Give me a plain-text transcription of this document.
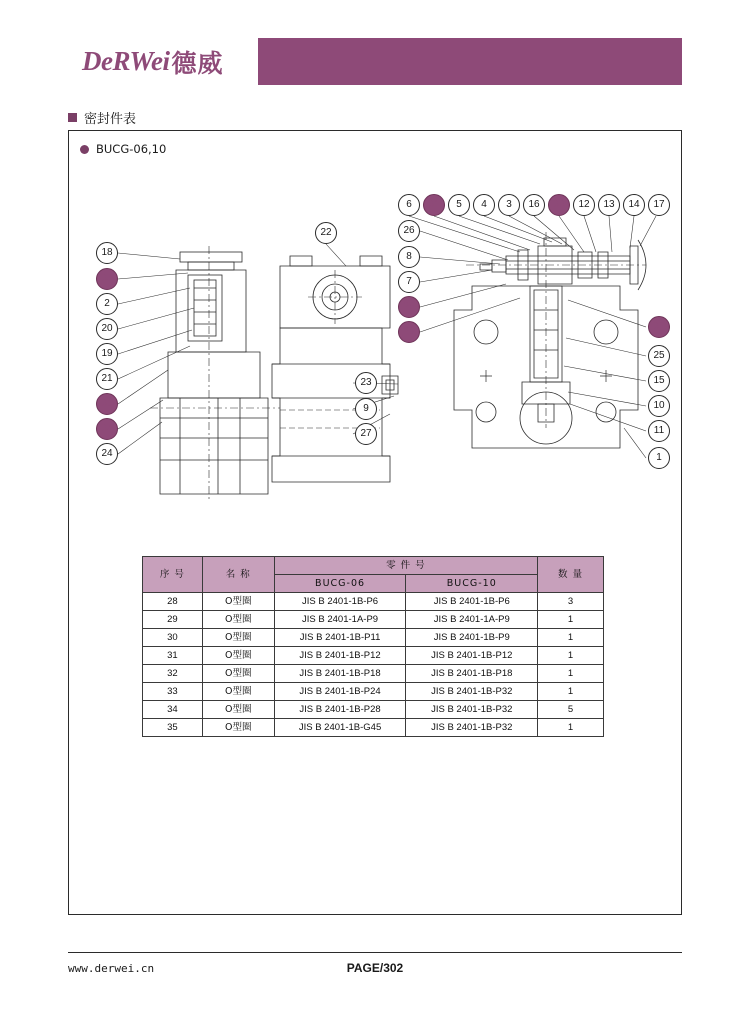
DeRWei 德威
密封件表
BUCG-06,10
18
35
2
20
19
21
30
34
24
22
23
9
27
6	31	5	4	3	16	33	12	13	14	17
26
8
7
28
29	32
25
15
10
11
1
序 号	名 称	零 件 号		数 量
		BUCG-06	BUCG-10	
28	O型圈	JIS B 2401-1B-P6	JIS B 2401-1B-P6	3
29	O型圈	JIS B 2401-1A-P9	JIS B 2401-1A-P9	1
30	O型圈	JIS B 2401-1B-P11	JIS B 2401-1B-P9	1
31	O型圈	JIS B 2401-1B-P12	JIS B 2401-1B-P12	1
32	O型圈	JIS B 2401-1B-P18	JIS B 2401-1B-P18	1
33	O型圈	JIS B 2401-1B-P24	JIS B 2401-1B-P32	1
34	O型圈	JIS B 2401-1B-P28	JIS B 2401-1B-P32	5
35	O型圈	JIS B 2401-1B-G45	JIS B 2401-1B-P32	1
www.derwei.cn	PAGE/302
